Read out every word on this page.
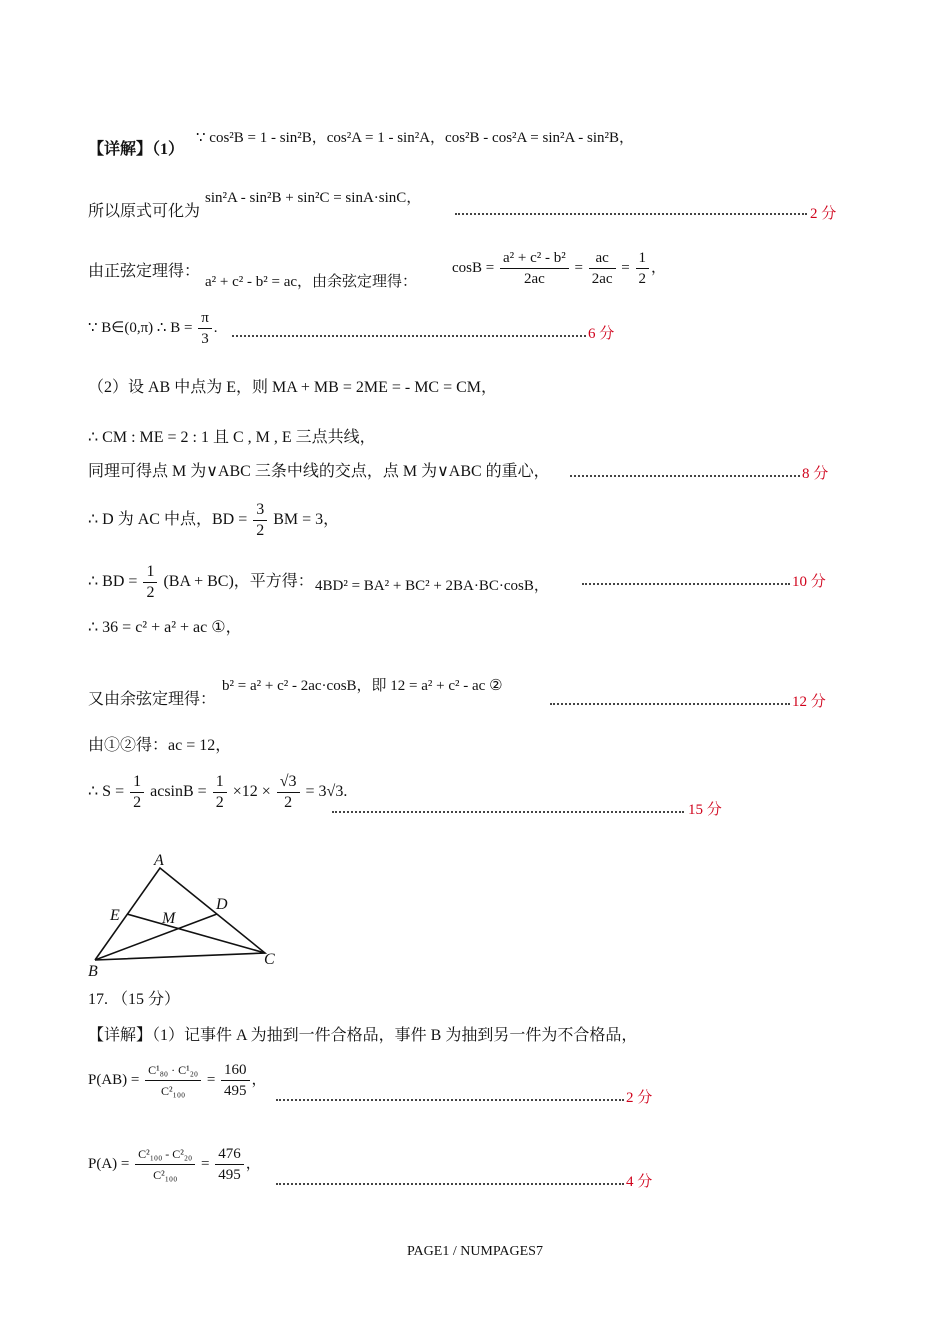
【详解】（1）
∵ cos²B = 1 - sin²B，cos²A = 1 - sin²A，cos²B - cos²A = sin²A - sin²B，
所以原式可化为
sin²A - sin²B + sin²C = sinA·sinC，
2 分
由正弦定理得：
a² + c² - b² = ac，由余弦定理得：
$\cos B = \frac{\text{a² + c² - b²}}{2ac} = \frac{ac}{2ac} = \frac{1}{2}$ ，
∵ B∈(0,π) ∴ $B = \frac{\pi}{3}$ .	6 分
（2）设 AB 中点为 E，则 MA + MB = 2ME = - MC = CM，
∴ CM : ME = 2 : 1 且 C , M , E 三点共线，
同理可得点 M 为∨ABC 三条中线的交点，点 M 为∨ABC 的重心，	8 分
∴ D 为 AC 中点，BD = $\frac{3}{2}$ BM = 3，
∴ BD = $\frac{1}{2} (BA + BC)$，平方得： 4BD² = BA² + BC² + 2BA·BC·cosB，	10 分
∴ 36 = c² + a² + ac ①，
又由余弦定理得：
b² = a² + c² - 2ac·cosB，即 12 = a² + c² - ac ②
12 分
由①②得：ac = 12，
∴ $S = \frac{1}{2}$ $acsinB = \frac{1}{2} \times 12 \times \frac{√3}{2} = 3√3$.
15 分
A
D
E	M
B
C
17. （15 分）
【详解】（1）记事件 A 为抽到一件合格品，事件 B 为抽到另一件为不合格品，
$P(AB) = \frac{\text{C¹₈₀ · C¹₂₀}}{\text{C²₁₀₀}} = \frac{160}{495}$ ，
2 分
$P(A) = \frac{\text{C²₁₀₀ - C²₂₀}}{\text{C²₁₀₀}} = \frac{476}{495}$ ，
4 分
PAGE1 / NUMPAGES7
